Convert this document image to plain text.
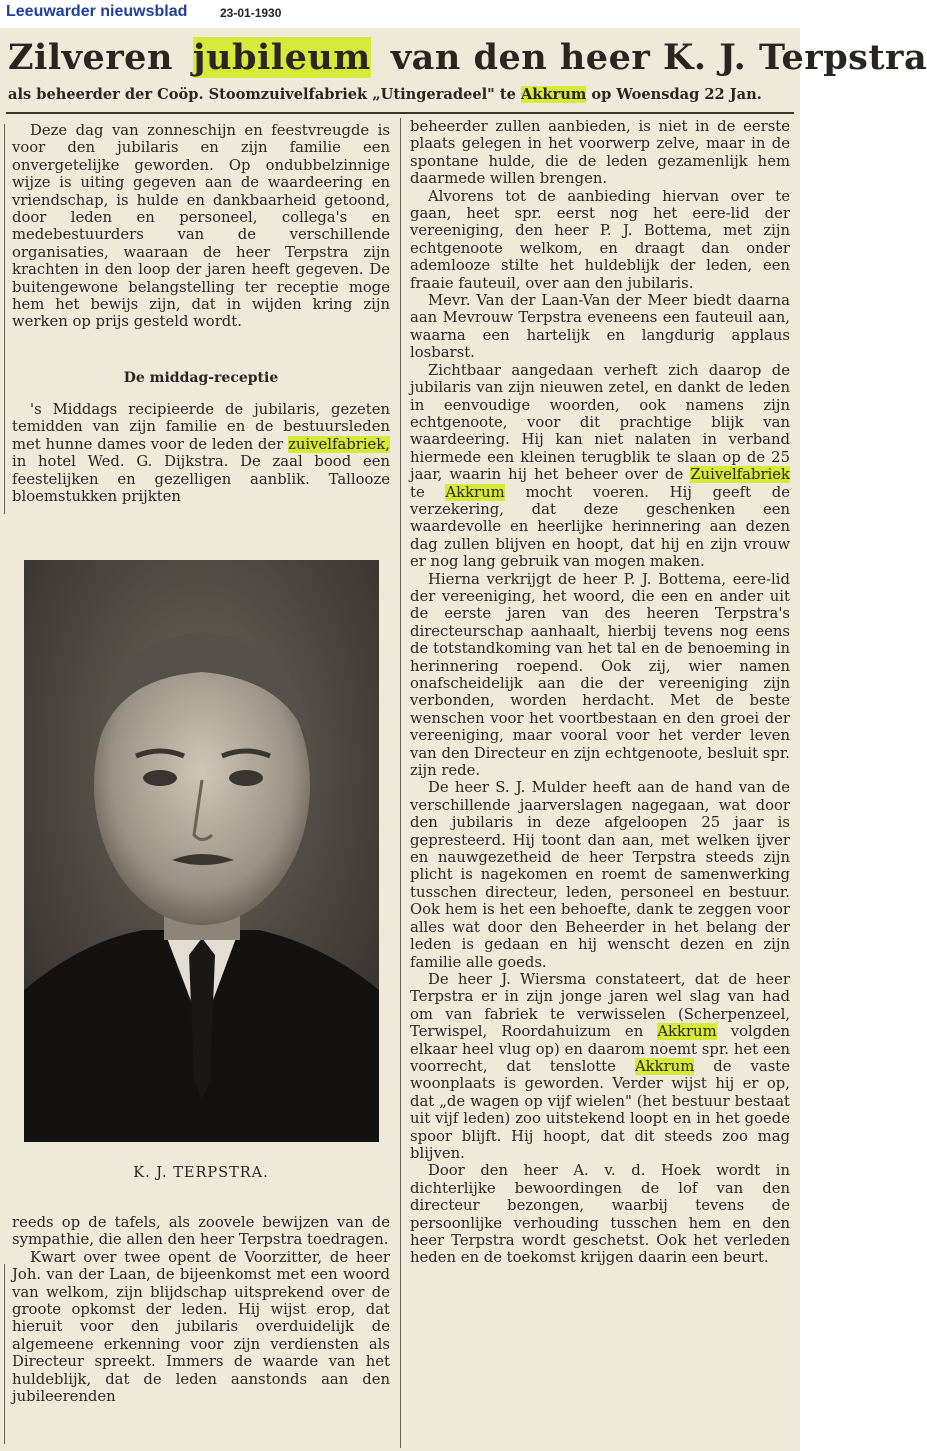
Leeuwarder nieuwsblad	23-01-1930
Zilveren jubileum van den heer K. J. Terpstra
als beheerder der Coöp. Stoomzuivelfabriek „Utingeradeel" te Akkrum op Woensdag 22 Jan.

Deze dag van zonneschijn en feestvreugde is voor den jubilaris en zijn familie een onvergetelijke geworden. Op ondubbelzinnige wijze is uiting gegeven aan de waardeering en vriendschap, is hulde en dankbaarheid getoond, door leden en personeel, collega's en medebestuurders van de verschillende organisaties, waaraan de heer Terpstra zijn krachten in den loop der jaren heeft gegeven. De buitengewone belangstelling ter receptie moge hem het bewijs zijn, dat in wijden kring zijn werken op prijs gesteld wordt.

De middag-receptie

's Middags recipieerde de jubilaris, gezeten temidden van zijn familie en de bestuursleden met hunne dames voor de leden der zuivelfabriek, in hotel Wed. G. Dijkstra. De zaal bood een feestelijken en gezelligen aanblik. Tallooze bloemstukken prijkten

K. J. TERPSTRA.

reeds op de tafels, als zoovele bewijzen van de sympathie, die allen den heer Terpstra toedragen.

Kwart over twee opent de Voorzitter, de heer Joh. van der Laan, de bijeenkomst met een woord van welkom, zijn blijdschap uitsprekend over de groote opkomst der leden. Hij wijst erop, dat hieruit voor den jubilaris overduidelijk de algemeene erkenning voor zijn verdiensten als Directeur spreekt. Immers de waarde van het huldeblijk, dat de leden aanstonds aan den jubileerenden

beheerder zullen aanbieden, is niet in de eerste plaats gelegen in het voorwerp zelve, maar in de spontane hulde, die de leden gezamenlijk hem daarmede willen brengen.

Alvorens tot de aanbieding hiervan over te gaan, heet spr. eerst nog het eere-lid der vereeniging, den heer P. J. Bottema, met zijn echtgenoote welkom, en draagt dan onder ademlooze stilte het huldeblijk der leden, een fraaie fauteuil, over aan den jubilaris.

Mevr. Van der Laan-Van der Meer biedt daarna aan Mevrouw Terpstra eveneens een fauteuil aan, waarna een hartelijk en langdurig applaus losbarst.

Zichtbaar aangedaan verheft zich daarop de jubilaris van zijn nieuwen zetel, en dankt de leden in eenvoudige woorden, ook namens zijn echtgenoote, voor dit prachtige blijk van waardeering. Hij kan niet nalaten in verband hiermede een kleinen terugblik te slaan op de 25 jaar, waarin hij het beheer over de Zuivelfabriek te Akkrum mocht voeren. Hij geeft de verzekering, dat deze geschenken een waardevolle en heerlijke herinnering aan dezen dag zullen blijven en hoopt, dat hij en zijn vrouw er nog lang gebruik van mogen maken.

Hierna verkrijgt de heer P. J. Bottema, eere-lid der vereeniging, het woord, die een en ander uit de eerste jaren van des heeren Terpstra's directeurschap aanhaalt, hierbij tevens nog eens de totstandkoming van het tal en de benoeming in herinnering roepend. Ook zij, wier namen onafscheidelijk aan die der vereeniging zijn verbonden, worden herdacht. Met de beste wenschen voor het voortbestaan en den groei der vereeniging, maar vooral voor het verder leven van den Directeur en zijn echtgenoote, besluit spr. zijn rede.

De heer S. J. Mulder heeft aan de hand van de verschillende jaarverslagen nagegaan, wat door den jubilaris in deze afgeloopen 25 jaar is gepresteerd. Hij toont dan aan, met welken ijver en nauwgezetheid de heer Terpstra steeds zijn plicht is nagekomen en roemt de samenwerking tusschen directeur, leden, personeel en bestuur. Ook hem is het een behoefte, dank te zeggen voor alles wat door den Beheerder in het belang der leden is gedaan en hij wenscht dezen en zijn familie alle goeds.

De heer J. Wiersma constateert, dat de heer Terpstra er in zijn jonge jaren wel slag van had om van fabriek te verwisselen (Scherpenzeel, Terwispel, Roordahuizum en Akkrum volgden elkaar heel vlug op) en daarom noemt spr. het een voorrecht, dat tenslotte Akkrum de vaste woonplaats is geworden. Verder wijst hij er op, dat „de wagen op vijf wielen" (het bestuur bestaat uit vijf leden) zoo uitstekend loopt en in het goede spoor blijft. Hij hoopt, dat dit steeds zoo mag blijven.

Door den heer A. v. d. Hoek wordt in dichterlijke bewoordingen de lof van den directeur bezongen, waarbij tevens de persoonlijke verhouding tusschen hem en den heer Terpstra wordt geschetst. Ook het verleden heden en de toekomst krijgen daarin een beurt.
